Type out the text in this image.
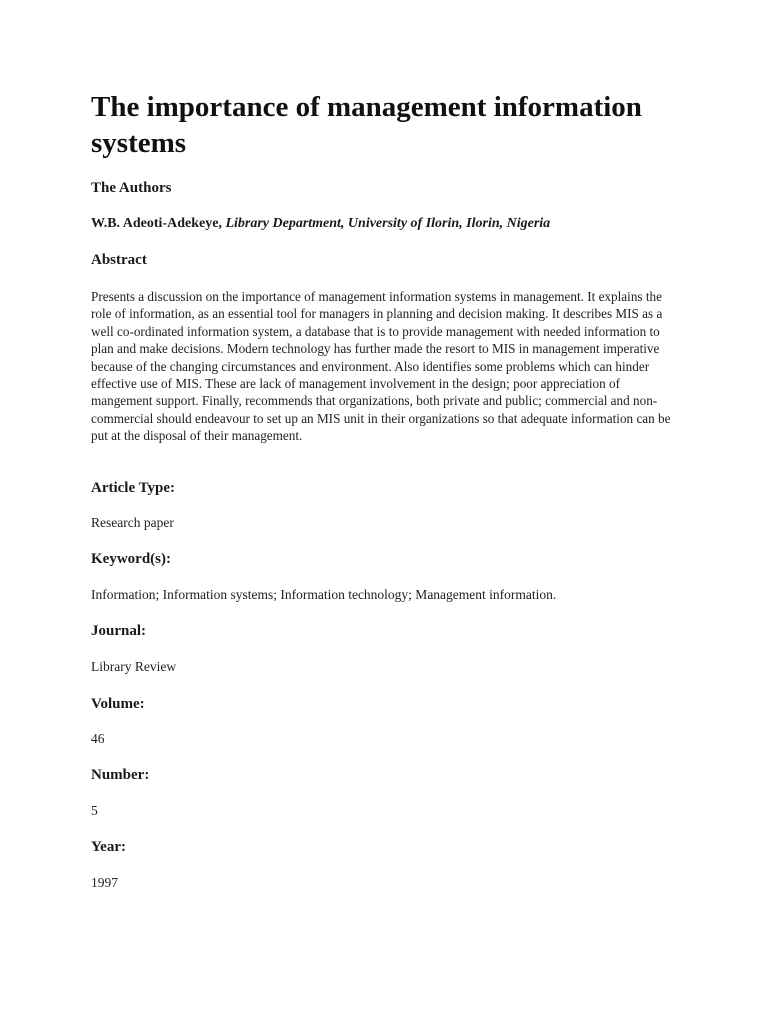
The importance of management information systems
The Authors

W.B. Adeoti-Adekeye, Library Department, University of Ilorin, Ilorin, Nigeria

Abstract

Presents a discussion on the importance of management information systems in management. It explains the role of information, as an essential tool for managers in planning and decision making. It describes MIS as a well co-ordinated information system, a database that is to provide management with needed information to plan and make decisions. Modern technology has further made the resort to MIS in management imperative because of the changing circumstances and environment. Also identifies some problems which can hinder effective use of MIS. These are lack of management involvement in the design; poor appreciation of mangement support. Finally, recommends that organizations, both private and public; commercial and non-commercial should endeavour to set up an MIS unit in their organizations so that adequate information can be put at the disposal of their management.

Article Type:

Research paper

Keyword(s):

Information; Information systems; Information technology; Management information.

Journal:

Library Review

Volume:

46

Number:

5

Year:

1997
